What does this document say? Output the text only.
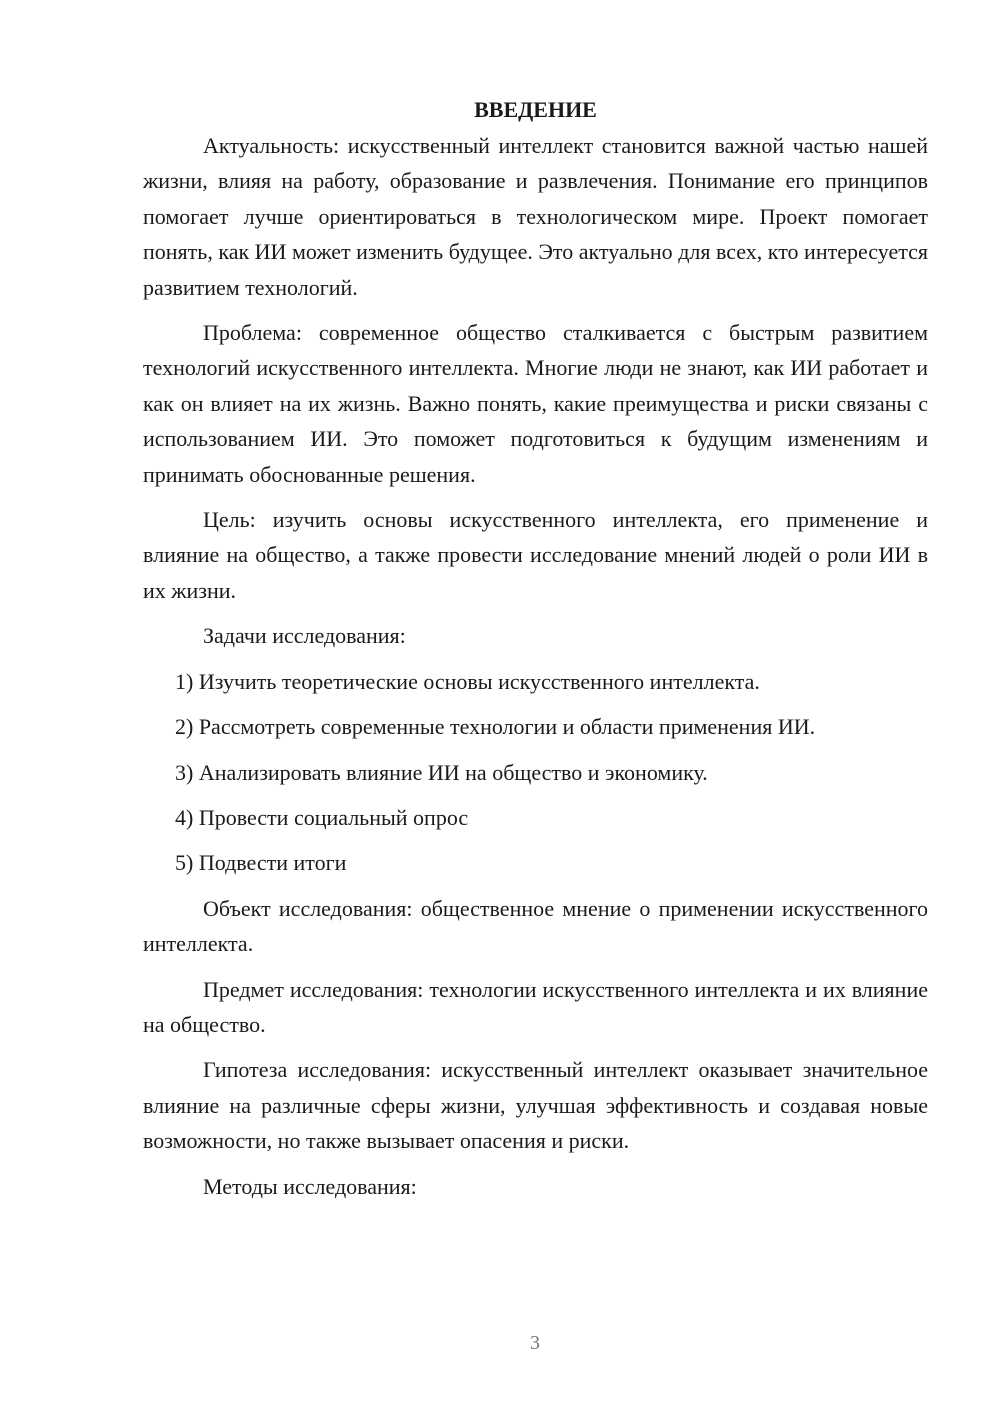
ВВЕДЕНИЕ

Актуальность: искусственный интеллект становится важной частью нашей жизни, влияя на работу, образование и развлечения. Понимание его принципов помогает лучше ориентироваться в технологическом мире. Проект помогает понять, как ИИ может изменить будущее. Это актуально для всех, кто интересуется развитием технологий.

Проблема: современное общество сталкивается с быстрым развитием технологий искусственного интеллекта. Многие люди не знают, как ИИ работает и как он влияет на их жизнь. Важно понять, какие преимущества и риски связаны с использованием ИИ. Это поможет подготовиться к будущим изменениям и принимать обоснованные решения.

Цель: изучить основы искусственного интеллекта, его применение и влияние на общество, а также провести исследование мнений людей о роли ИИ в их жизни.

Задачи исследования:

1) Изучить теоретические основы искусственного интеллекта.
2) Рассмотреть современные технологии и области применения ИИ.
3) Анализировать влияние ИИ на общество и экономику.
4) Провести социальный опрос
5) Подвести итоги

Объект исследования: общественное мнение о применении искусственного интеллекта.

Предмет исследования: технологии искусственного интеллекта и их влияние на общество.

Гипотеза исследования: искусственный интеллект оказывает значительное влияние на различные сферы жизни, улучшая эффективность и создавая новые возможности, но также вызывает опасения и риски.

Методы исследования:

3
